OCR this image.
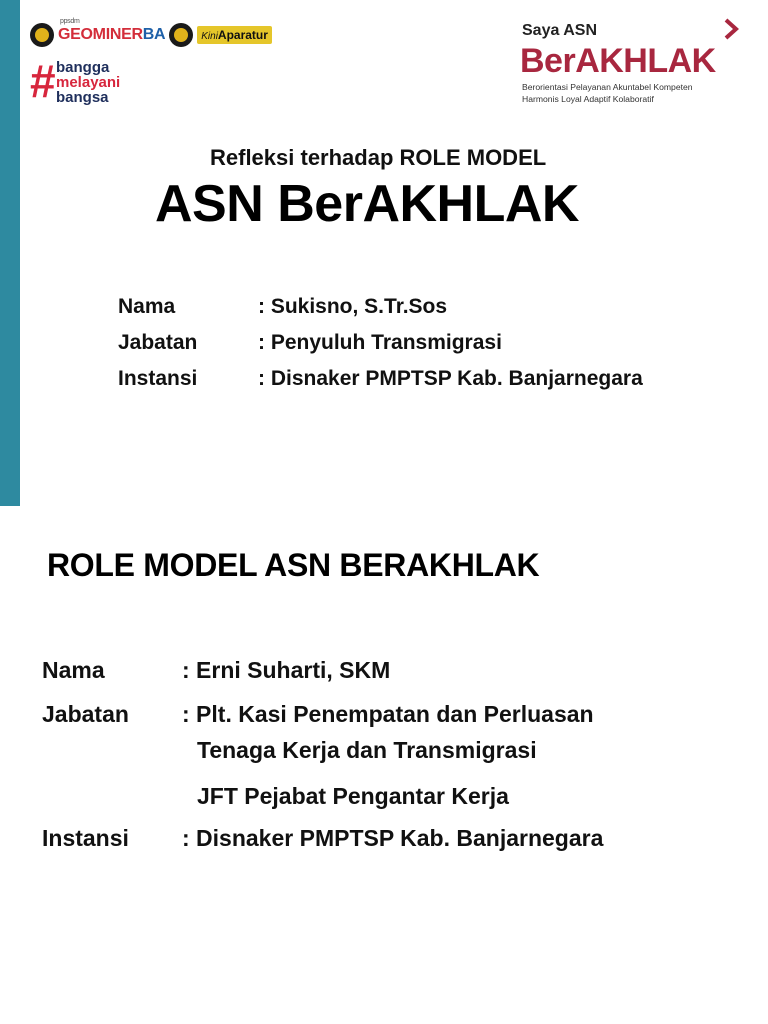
ppsdm
GEOMINERBA	KiniAparatur
# bangga
melayani
bangsa
Saya ASN
BerAKHLAK
Berorientasi Pelayanan Akuntabel Kompeten
Harmonis Loyal Adaptif Kolaboratif
Refleksi terhadap ROLE MODEL
ASN BerAKHLAK
Nama	: Sukisno, S.Tr.Sos
Jabatan	: Penyuluh Transmigrasi
Instansi	: Disnaker PMPTSP Kab. Banjarnegara
ROLE MODEL ASN BERAKHLAK
Nama	: Erni Suharti, SKM
Jabatan : Plt. Kasi Penempatan dan Perluasan
Tenaga Kerja dan Transmigrasi
JFT Pejabat Pengantar Kerja
Instansi : Disnaker PMPTSP Kab. Banjarnegara
